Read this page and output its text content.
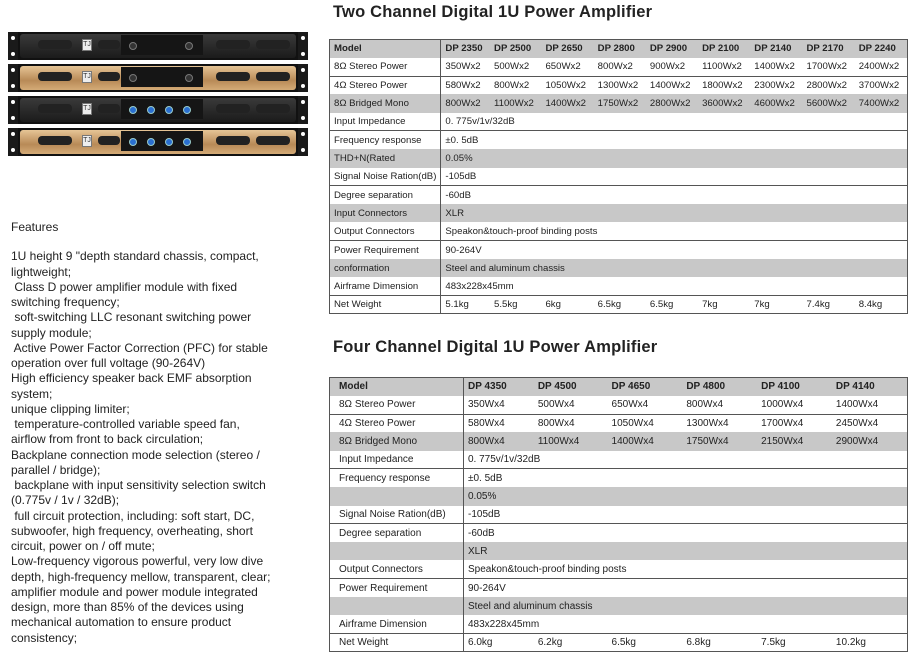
TJ
TJ
TJ
TJ
Features
1U height 9 "depth standard chassis, compact,
lightweight;
Class D power amplifier module with fixed
switching frequency;
soft-switching LLC resonant switching power
supply module;
Active Power Factor Correction (PFC) for stable
operation over full voltage (90-264V)
High efficiency speaker back EMF absorption
system;
unique clipping limiter;
temperature-controlled variable speed fan,
airflow from front to back circulation;
Backplane connection mode selection (stereo /
parallel / bridge);
backplane with input sensitivity selection switch
(0.775v / 1v / 32dB);
full circuit protection, including: soft start, DC,
subwoofer, high frequency, overheating, short
circuit, power on / off mute;
Low-frequency vigorous powerful, very low dive
depth, high-frequency mellow, transparent, clear;
amplifier module and power module integrated
design, more than 85% of the devices using
mechanical automation to ensure product
consistency;
Two Channel Digital 1U Power Amplifier
Model	DP 2350	DP 2500	DP 2650	DP 2800	DP 2900	DP 2100	DP 2140	DP 2170	DP 2240
8Ω Stereo Power	350Wx2	500Wx2	650Wx2	800Wx2	900Wx2	1100Wx2	1400Wx2	1700Wx2	2400Wx2
4Ω Stereo Power	580Wx2	800Wx2	1050Wx2	1300Wx2	1400Wx2	1800Wx2	2300Wx2	2800Wx2	3700Wx2
8Ω Bridged Mono	800Wx2	1100Wx2	1400Wx2	1750Wx2	2800Wx2	3600Wx2	4600Wx2	5600Wx2	7400Wx2
Input Impedance	0. 775v/1v/32dB								
Frequency response	±0. 5dB								
THD+N(Rated	0.05%								
Signal Noise Ration(dB)	-105dB								
Degree separation	-60dB								
Input Connectors	XLR								
Output Connectors	Speakon&touch-proof binding posts								
Power Requirement	90-264V								
conformation	Steel and aluminum chassis								
Airframe Dimension	483x228x45mm								
Net Weight	5.1kg	5.5kg	6kg	6.5kg	6.5kg	7kg	7kg	7.4kg	8.4kg
Four Channel Digital 1U Power Amplifier
Model	DP 4350	DP 4500	DP 4650	DP 4800	DP 4100	DP 4140
8Ω Stereo Power	350Wx4	500Wx4	650Wx4	800Wx4	1000Wx4	1400Wx4
4Ω Stereo Power	580Wx4	800Wx4	1050Wx4	1300Wx4	1700Wx4	2450Wx4
8Ω Bridged Mono	800Wx4	1100Wx4	1400Wx4	1750Wx4	2150Wx4	2900Wx4
Input Impedance	0. 775v/1v/32dB					
Frequency response	±0. 5dB					
	0.05%					
Signal Noise Ration(dB)	-105dB					
Degree separation	-60dB					
	XLR					
Output Connectors	Speakon&touch-proof binding posts					
Power Requirement	90-264V					
	Steel and aluminum chassis					
Airframe Dimension	483x228x45mm					
Net Weight	6.0kg	6.2kg	6.5kg	6.8kg	7.5kg	10.2kg
